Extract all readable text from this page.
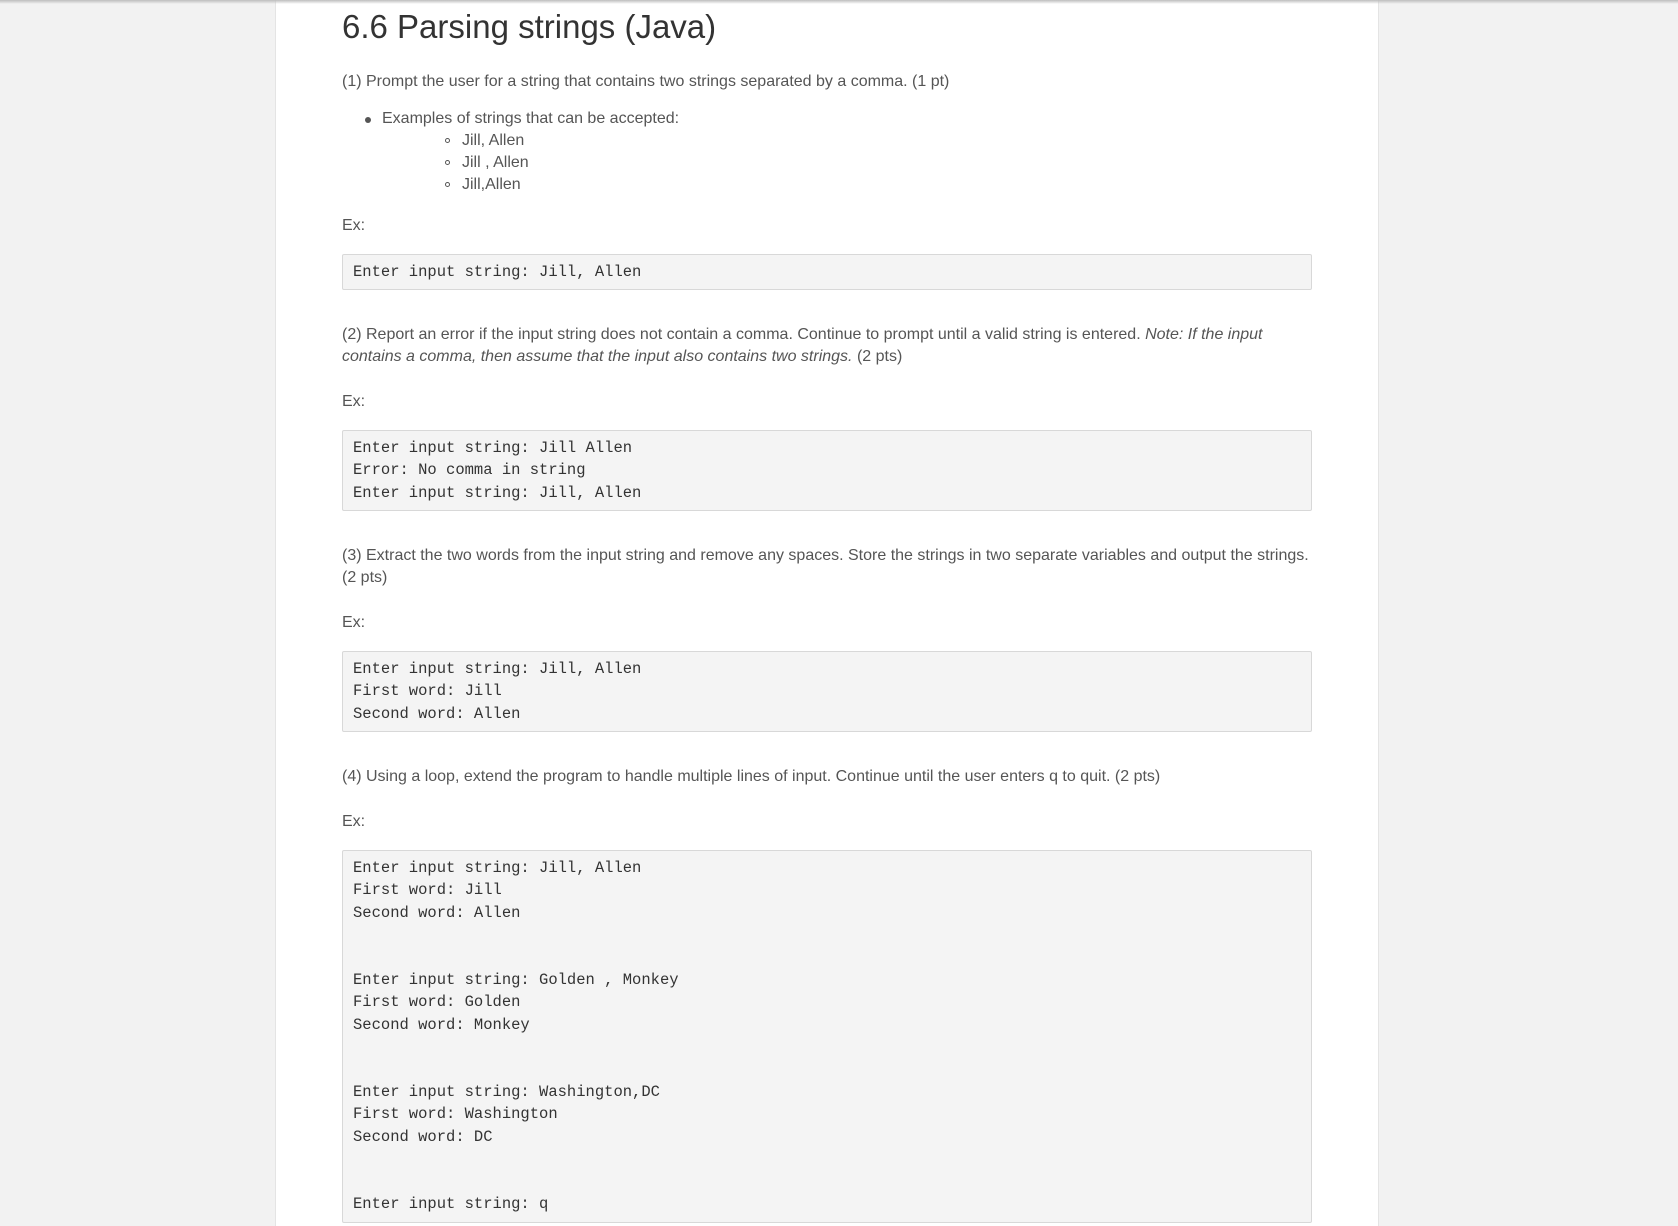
6.6 Parsing strings (Java)

(1) Prompt the user for a string that contains two strings separated by a comma. (1 pt)

Examples of strings that can be accepted:
Jill, Allen
Jill , Allen
Jill,Allen

Ex:

Enter input string: Jill, Allen

(2) Report an error if the input string does not contain a comma. Continue to prompt until a valid string is entered. Note: If the input contains a comma, then assume that the input also contains two strings. (2 pts)

Ex:

Enter input string: Jill Allen
Error: No comma in string
Enter input string: Jill, Allen

(3) Extract the two words from the input string and remove any spaces. Store the strings in two separate variables and output the strings. (2 pts)

Ex:

Enter input string: Jill, Allen
First word: Jill
Second word: Allen

(4) Using a loop, extend the program to handle multiple lines of input. Continue until the user enters q to quit. (2 pts)

Ex:

Enter input string: Jill, Allen
First word: Jill
Second word: Allen

Enter input string: Golden , Monkey
First word: Golden
Second word: Monkey

Enter input string: Washington,DC
First word: Washington
Second word: DC

Enter input string: q
